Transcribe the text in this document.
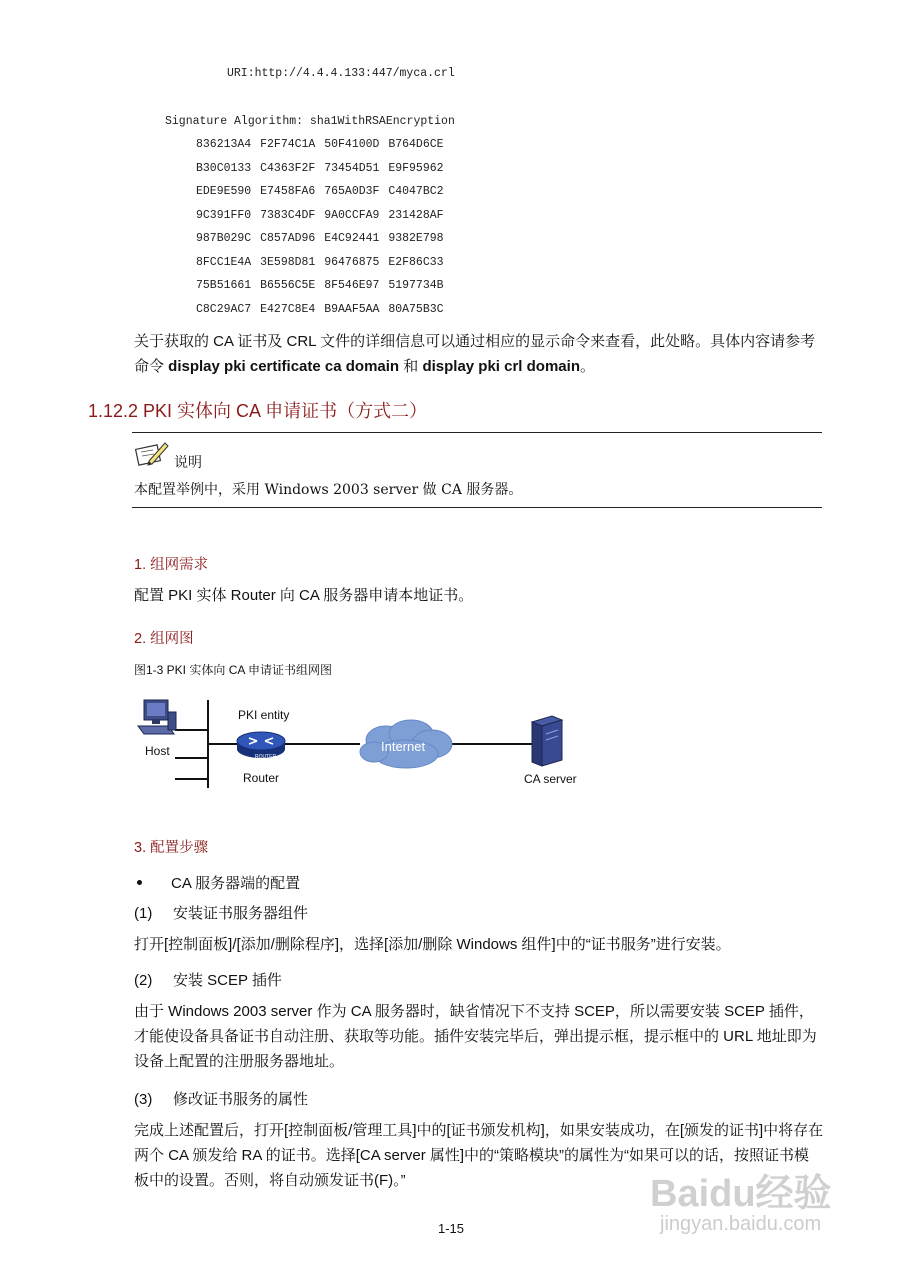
URI:http://4.4.4.133:447/myca.crl
Signature Algorithm: sha1WithRSAEncryption
836213A4 F2F74C1A 50F4100D B764D6CE
B30C0133 C4363F2F 73454D51 E9F95962
EDE9E590 E7458FA6 765A0D3F C4047BC2
9C391FF0 7383C4DF 9A0CCFA9 231428AF
987B029C C857AD96 E4C92441 9382E798
8FCC1E4A 3E598D81 96476875 E2F86C33
75B51661 B6556C5E 8F546E97 5197734B
C8C29AC7 E427C8E4 B9AAF5AA 80A75B3C
关于获取的 CA 证书及 CRL 文件的详细信息可以通过相应的显示命令来查看，此处略。具体内容请参考命令 display pki certificate ca domain 和 display pki crl domain。
1.12.2 PKI 实体向 CA 申请证书（方式二）
说明
本配置举例中，采用 Windows 2003 server 做 CA 服务器。
1. 组网需求
配置 PKI 实体 Router 向 CA 服务器申请本地证书。
2. 组网图
图1-3 PKI 实体向 CA 申请证书组网图
Host
PKI entity
ROUTER
Router
Internet
CA server
3. 配置步骤
CA 服务器端的配置
(1) 安装证书服务器组件
打开[控制面板]/[添加/删除程序]，选择[添加/删除 Windows 组件]中的“证书服务”进行安装。
(2) 安装 SCEP 插件
由于 Windows 2003 server 作为 CA 服务器时，缺省情况下不支持 SCEP，所以需要安装 SCEP 插件，才能使设备具备证书自动注册、获取等功能。插件安装完毕后，弹出提示框，提示框中的 URL 地址即为设备上配置的注册服务器地址。
(3) 修改证书服务的属性
完成上述配置后，打开[控制面板/管理工具]中的[证书颁发机构]，如果安装成功，在[颁发的证书]中将存在两个 CA 颁发给 RA 的证书。选择[CA server 属性]中的“策略模块”的属性为“如果可以的话，按照证书模板中的设置。否则，将自动颁发证书(F)。”
1-15
Baidu经验
jingyan.baidu.com
